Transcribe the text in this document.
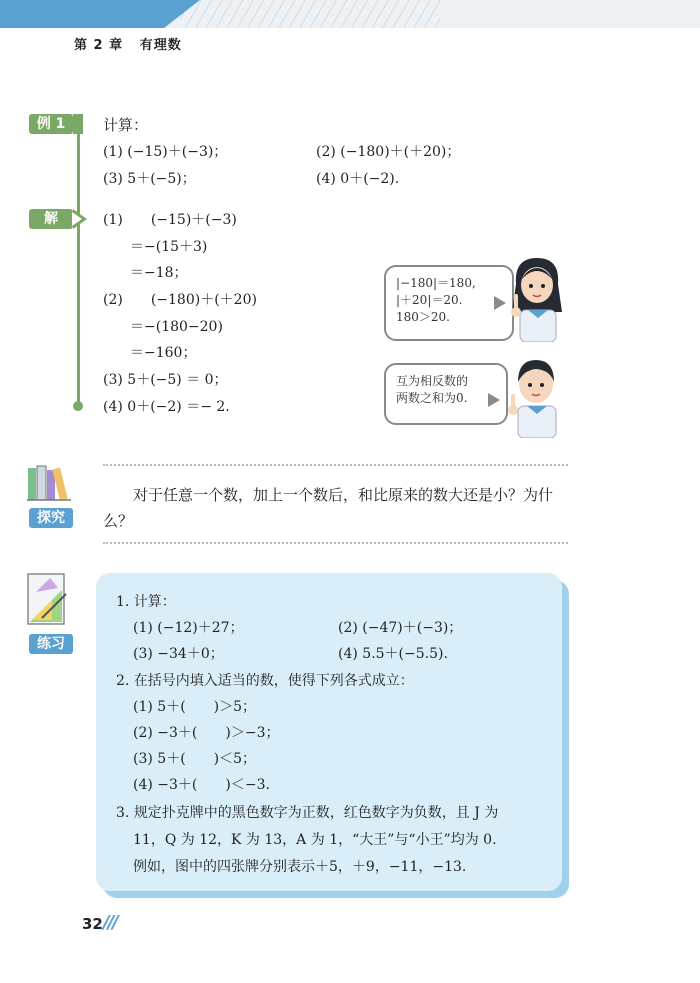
第 2 章 有理数
例 1	计算：
(1) (−15)＋(−3)；	(2) (−180)＋(＋20)；
(3) 5＋(−5)；	(4) 0＋(−2).
解	(1)　　(−15)＋(−3)
＝−(15＋3)
＝−18；
(2)　　(−180)＋(＋20)
＝−(180−20)
＝−160；
(3) 5＋(−5) ＝ 0；
(4) 0＋(−2) ＝− 2.
|−180|＝180,
|＋20|＝20.
180＞20.
互为相反数的
两数之和为0.
探究
对于任意一个数，加上一个数后，和比原来的数大还是小？为什么？
练习
1. 计算：
(1) (−12)＋27；	(2) (−47)＋(−3)；
(3) −34＋0；	(4) 5.5＋(−5.5).
2. 在括号内填入适当的数，使得下列各式成立：
(1) 5＋(　　)＞5；
(2) −3＋(　　)＞−3；
(3) 5＋(　　)＜5；
(4) −3＋(　　)＜−3.
3. 规定扑克牌中的黑色数字为正数，红色数字为负数，且 J 为
11，Q 为 12，K 为 13，A 为 1，“大王”与“小王”均为 0.
例如，图中的四张牌分别表示＋5，＋9，−11，−13.
32 ///
